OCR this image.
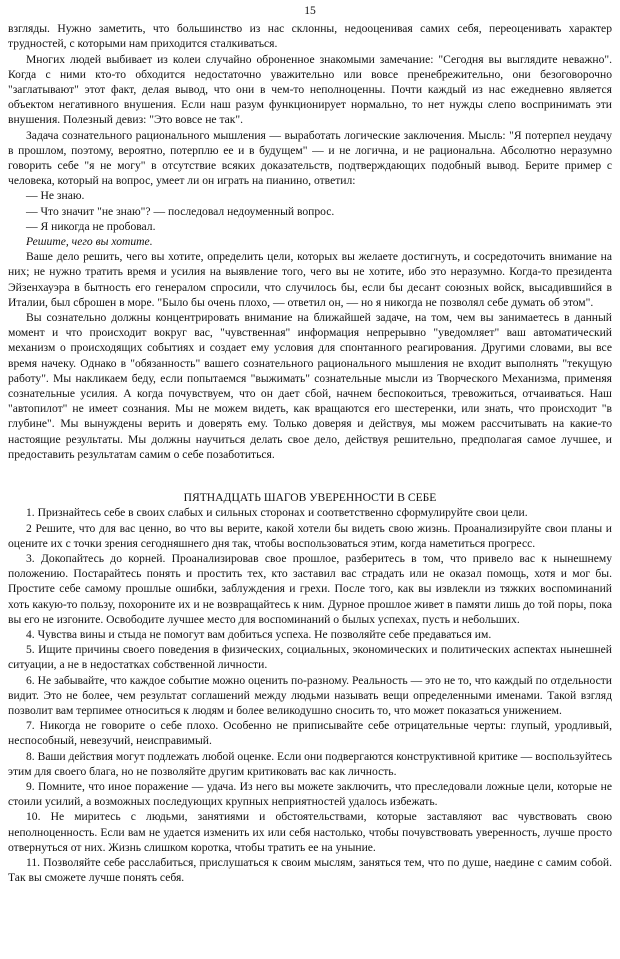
15

взгляды. Нужно заметить, что большинство из нас склонны, недооценивая самих себя, переоценивать характер трудностей, с которыми нам приходится сталкиваться.

Многих людей выбивает из колеи случайно оброненное знакомыми замечание: "Сегодня вы выглядите неважно". Когда с ними кто-то обходится недостаточно уважительно или вовсе пренебрежительно, они безоговорочно "заглатывают" этот факт, делая вывод, что они в чем-то неполноценны. Почти каждый из нас ежедневно является объектом негативного внушения. Если наш разум функционирует нормально, то нет нужды слепо воспринимать эти внушения. Полезный девиз: "Это вовсе не так".

Задача сознательного рационального мышления — выработать логические заключения. Мысль: "Я потерпел неудачу в прошлом, поэтому, вероятно, потерплю ее и в будущем" — и не логична, и не рациональна. Абсолютно неразумно говорить себе "я не могу" в отсутствие всяких доказательств, подтверждающих подобный вывод. Берите пример с человека, который на вопрос, умеет ли он играть на пианино, ответил:

— Не знаю.

— Что значит "не знаю"? — последовал недоуменный вопрос.

— Я никогда не пробовал.

Решите, чего вы хотите.

Ваше дело решить, чего вы хотите, определить цели, которых вы желаете достигнуть, и сосредоточить внимание на них; не нужно тратить время и усилия на выявление того, чего вы не хотите, ибо это неразумно. Когда-то президента Эйзенхауэра в бытность его генералом спросили, что случилось бы, если бы десант союзных войск, высадившийся в Италии, был сброшен в море. "Было бы очень плохо, — ответил он, — но я никогда не позволял себе думать об этом".

Вы сознательно должны концентрировать внимание на ближайшей задаче, на том, чем вы занимаетесь в данный момент и что происходит вокруг вас, "чувственная" информация непрерывно "уведомляет" ваш автоматический механизм о происходящих событиях и создает ему условия для спонтанного реагирования. Другими словами, вы все время начеку. Однако в "обязанность" вашего сознательного рационального мышления не входит выполнять "текущую работу". Мы накликаем беду, если попытаемся "выжимать" сознательные мысли из Творческого Механизма, применяя сознательные усилия. А когда почувствуем, что он дает сбой, начнем беспокоиться, тревожиться, отчаиваться. Наш "автопилот" не имеет сознания. Мы не можем видеть, как вращаются его шестеренки, или знать, что происходит "в глубине". Мы вынуждены верить и доверять ему. Только доверяя и действуя, мы можем рассчитывать на какие-то настоящие результаты. Мы должны научиться делать свое дело, действуя решительно, предполагая самое лучшее, и предоставить результатам самим о себе позаботиться.

ПЯТНАДЦАТЬ ШАГОВ УВЕРЕННОСТИ В СЕБЕ

1. Признайтесь себе в своих слабых и сильных сторонах и соответственно сформулируйте свои цели.

2 Решите, что для вас ценно, во что вы верите, какой хотели бы видеть свою жизнь. Проанализируйте свои планы и оцените их с точки зрения сегодняшнего дня так, чтобы воспользоваться этим, когда наметиться прогресс.

3. Докопайтесь до корней. Проанализировав свое прошлое, разберитесь в том, что привело вас к нынешнему положению. Постарайтесь понять и простить тех, кто заставил вас страдать или не оказал помощь, хотя и мог бы. Простите себе самому прошлые ошибки, заблуждения и грехи. После того, как вы извлекли из тяжких воспоминаний хоть какую-то пользу, похороните их и не возвращайтесь к ним. Дурное прошлое живет в памяти лишь до той поры, пока вы его не изгоните. Освободите лучшее место для воспоминаний о былых успехах, пусть и небольших.

4. Чувства вины и стыда не помогут вам добиться успеха. Не позволяйте себе предаваться им.

5. Ищите причины своего поведения в физических, социальных, экономических и политических аспектах нынешней ситуации, а не в недостатках собственной личности.

6. Не забывайте, что каждое событие можно оценить по-разному. Реальность — это не то, что каждый по отдельности видит. Это не более, чем результат соглашений между людьми называть вещи определенными именами. Такой взгляд позволит вам терпимее относиться к людям и более великодушно сносить то, что может показаться унижением.

7. Никогда не говорите о себе плохо. Особенно не приписывайте себе отрицательные черты: глупый, уродливый, неспособный, невезучий, неисправимый.

8. Ваши действия могут подлежать любой оценке. Если они подвергаются конструктивной критике — воспользуйтесь этим для своего блага, но не позволяйте другим критиковать вас как личность.

9. Помните, что иное поражение — удача. Из него вы можете заключить, что преследовали ложные цели, которые не стоили усилий, а возможных последующих крупных неприятностей удалось избежать.

10. Не миритесь с людьми, занятиями и обстоятельствами, которые заставляют вас чувствовать свою неполноценность. Если вам не удается изменить их или себя настолько, чтобы почувствовать уверенность, лучше просто отвернуться от них. Жизнь слишком коротка, чтобы тратить ее на уныние.

11. Позволяйте себе расслабиться, прислушаться к своим мыслям, заняться тем, что по душе, наедине с самим собой. Так вы сможете лучше понять себя.
